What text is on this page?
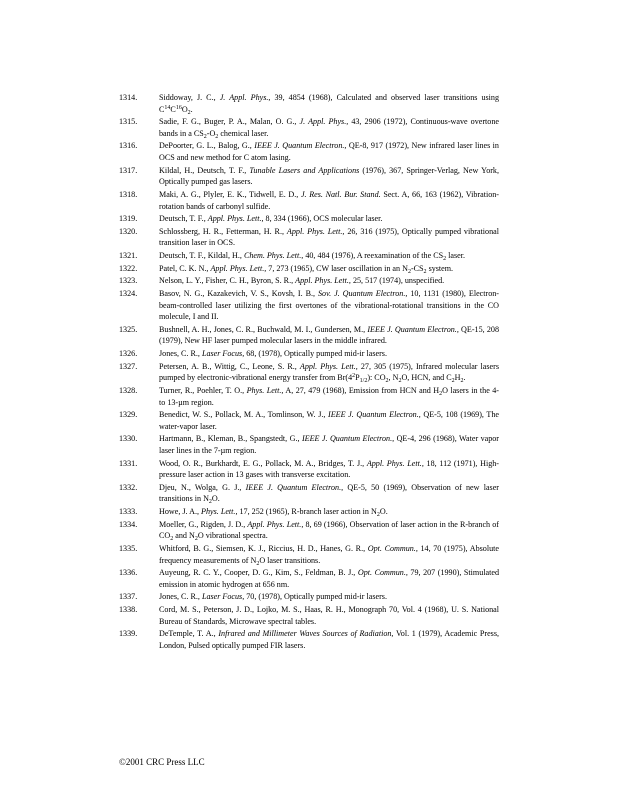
1314.	Siddoway, J. C., J. Appl. Phys., 39, 4854 (1968), Calculated and observed laser transitions using $C^{14}C^{16}O_2$.
1315.	Sadie, F. G., Buger, P. A., Malan, O. G., J. Appl. Phys., 43, 2906 (1972), Continuous-wave overtone bands in a $CS_2-O_2$ chemical laser.
1316.	DePoorter, G. L., Balog, G., IEEE J. Quantum Electron., QE-8, 917 (1972), New infrared laser lines in OCS and new method for C atom lasing.
1317.	Kildal, H., Deutsch, T. F., Tunable Lasers and Applications (1976), 367, Springer-Verlag, New York, Optically pumped gas lasers.
1318.	Maki, A. G., Plyler, E. K., Tidwell, E. D., J. Res. Natl. Bur. Stand. Sect. A, 66, 163 (1962), Vibration-rotation bands of carbonyl sulfide.
1319.	Deutsch, T. F., Appl. Phys. Lett., 8, 334 (1966), OCS molecular laser.
1320.	Schlossberg, H. R., Fetterman, H. R., Appl. Phys. Lett., 26, 316 (1975), Optically pumped vibrational transition laser in OCS.
1321.	Deutsch, T. F., Kildal, H., Chem. Phys. Lett., 40, 484 (1976), A reexamination of the $CS_2$ laser.
1322.	Patel, C. K. N., Appl. Phys. Lett., 7, 273 (1965), CW laser oscillation in an $N_2-CS_2$ system.
1323.	Nelson, L. Y., Fisher, C. H., Byron, S. R., Appl. Phys. Lett., 25, 517 (1974), unspecified.
1324.	Basov, N. G., Kazakevich, V. S., Kovsh, I. B., Sov. J. Quantum Electron., 10, 1131 (1980), Electron-beam-controlled laser utilizing the first overtones of the vibrational-rotational transitions in the CO molecule, I and II.
1325.	Bushnell, A. H., Jones, C. R., Buchwald, M. I., Gundersen, M., IEEE J. Quantum Electron., QE-15, 208 (1979), New HF laser pumped molecular lasers in the middle infrared.
1326.	Jones, C. R., Laser Focus, 68, (1978), Optically pumped mid-ir lasers.
1327.	Petersen, A. B., Wittig, C., Leone, S. R., Appl. Phys. Lett., 27, 305 (1975), Infrared molecular lasers pumped by electronic-vibrational energy transfer from $Br(4^2P_{1/2})$: $CO_2$, $N_2O$, HCN, and $C_2H_2$.
1328.	Turner, R., Poehler, T. O., Phys. Lett., A, 27, 479 (1968), Emission from HCN and $H_2O$ lasers in the 4- to 13-µm region.
1329.	Benedict, W. S., Pollack, M. A., Tomlinson, W. J., IEEE J. Quantum Electron., QE-5, 108 (1969), The water-vapor laser.
1330.	Hartmann, B., Kleman, B., Spangstedt, G., IEEE J. Quantum Electron., QE-4, 296 (1968), Water vapor laser lines in the 7-µm region.
1331.	Wood, O. R., Burkhardt, E. G., Pollack, M. A., Bridges, T. J., Appl. Phys. Lett., 18, 112 (1971), High-pressure laser action in 13 gases with transverse excitation.
1332.	Djeu, N., Wolga, G. J., IEEE J. Quantum Electron., QE-5, 50 (1969), Observation of new laser transitions in $N_2O$.
1333.	Howe, J. A., Phys. Lett., 17, 252 (1965), R-branch laser action in $N_2O$.
1334.	Moeller, G., Rigden, J. D., Appl. Phys. Lett., 8, 69 (1966), Observation of laser action in the R-branch of $CO_2$ and $N_2O$ vibrational spectra.
1335.	Whitford, B. G., Siemsen, K. J., Riccius, H. D., Hanes, G. R., Opt. Commun., 14, 70 (1975), Absolute frequency measurements of $N_2O$ laser transitions.
1336.	Auyeung, R. C. Y., Cooper, D. G., Kim, S., Feldman, B. J., Opt. Commun., 79, 207 (1990), Stimulated emission in atomic hydrogen at 656 nm.
1337.	Jones, C. R., Laser Focus, 70, (1978), Optically pumped mid-ir lasers.
1338.	Cord, M. S., Peterson, J. D., Lojko, M. S., Haas, R. H., Monograph 70, Vol. 4 (1968), U. S. National Bureau of Standards, Microwave spectral tables.
1339.	DeTemple, T. A., Infrared and Millimeter Waves Sources of Radiation, Vol. 1 (1979), Academic Press, London, Pulsed optically pumped FIR lasers.
©2001 CRC Press LLC
